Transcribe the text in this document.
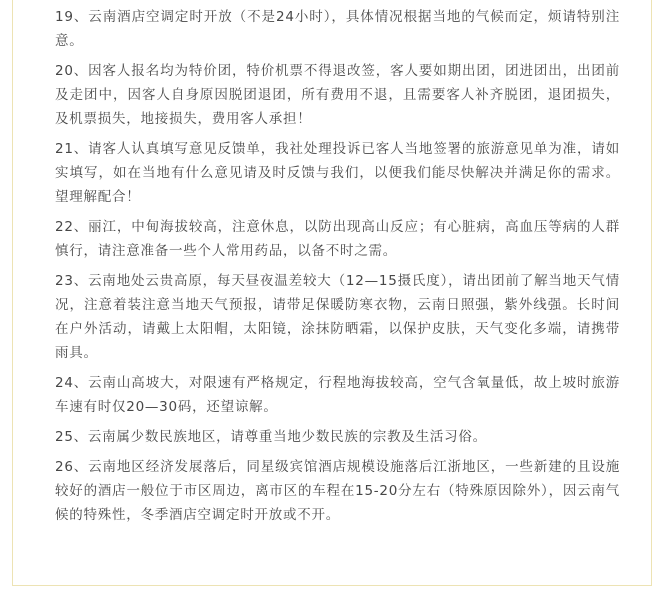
19、云南酒店空调定时开放（不是24小时），具体情况根据当地的气候而定，烦请特别注意。

20、因客人报名均为特价团，特价机票不得退改签，客人要如期出团，团进团出，出团前及走团中，因客人自身原因脱团退团，所有费用不退，且需要客人补齐脱团，退团损失，及机票损失，地接损失，费用客人承担！

21、请客人认真填写意见反馈单，我社处理投诉已客人当地签署的旅游意见单为准，请如实填写，如在当地有什么意见请及时反馈与我们，以便我们能尽快解决并满足你的需求。望理解配合！

22、丽江，中甸海拔较高，注意休息，以防出现高山反应；有心脏病，高血压等病的人群慎行，请注意准备一些个人常用药品，以备不时之需。

23、云南地处云贵高原，每天昼夜温差较大（12—15摄氏度），请出团前了解当地天气情况，注意着装注意当地天气预报，请带足保暖防寒衣物，云南日照强，紫外线强。长时间在户外活动，请戴上太阳帽，太阳镜，涂抹防晒霜，以保护皮肤，天气变化多端，请携带雨具。

24、云南山高坡大，对限速有严格规定，行程地海拔较高，空气含氧量低，故上坡时旅游车速有时仅20—30码，还望谅解。

25、云南属少数民族地区，请尊重当地少数民族的宗教及生活习俗。

26、云南地区经济发展落后，同星级宾馆酒店规模设施落后江浙地区，一些新建的且设施较好的酒店一般位于市区周边，离市区的车程在15-20分左右（特殊原因除外），因云南气候的特殊性，冬季酒店空调定时开放或不开。
